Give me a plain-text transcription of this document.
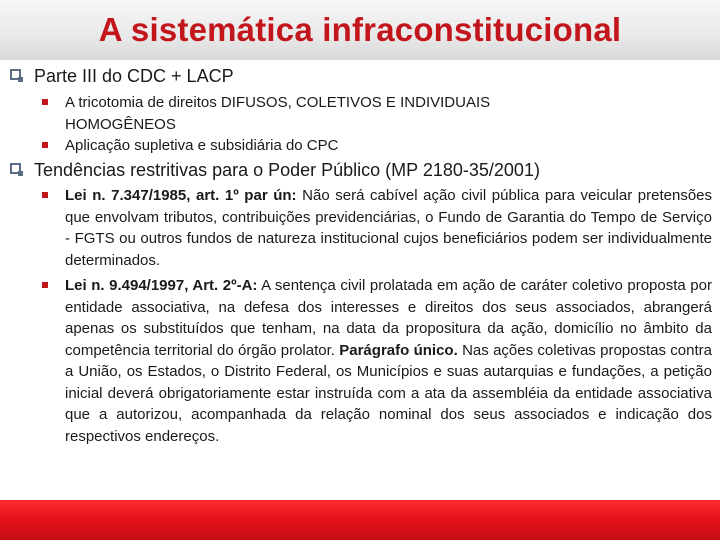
A sistemática infraconstitucional
Parte III do CDC + LACP
A tricotomia de direitos DIFUSOS, COLETIVOS E INDIVIDUAIS HOMOGÊNEOS
Aplicação supletiva e subsidiária do CPC
Tendências restritivas para o Poder Público (MP 2180-35/2001)
Lei n. 7.347/1985, art. 1º par ún: Não será cabível ação civil pública para veicular pretensões que envolvam tributos, contribuições previdenciárias, o Fundo de Garantia do Tempo de Serviço - FGTS ou outros fundos de natureza institucional cujos beneficiários podem ser individualmente determinados.
Lei n. 9.494/1997, Art. 2º-A: A sentença civil prolatada em ação de caráter coletivo proposta por entidade associativa, na defesa dos interesses e direitos dos seus associados, abrangerá apenas os substituídos que tenham, na data da propositura da ação, domicílio no âmbito da competência territorial do órgão prolator. Parágrafo único. Nas ações coletivas propostas contra a União, os Estados, o Distrito Federal, os Municípios e suas autarquias e fundações, a petição inicial deverá obrigatoriamente estar instruída com a ata da assembléia da entidade associativa que a autorizou, acompanhada da relação nominal dos seus associados e indicação dos respectivos endereços.
